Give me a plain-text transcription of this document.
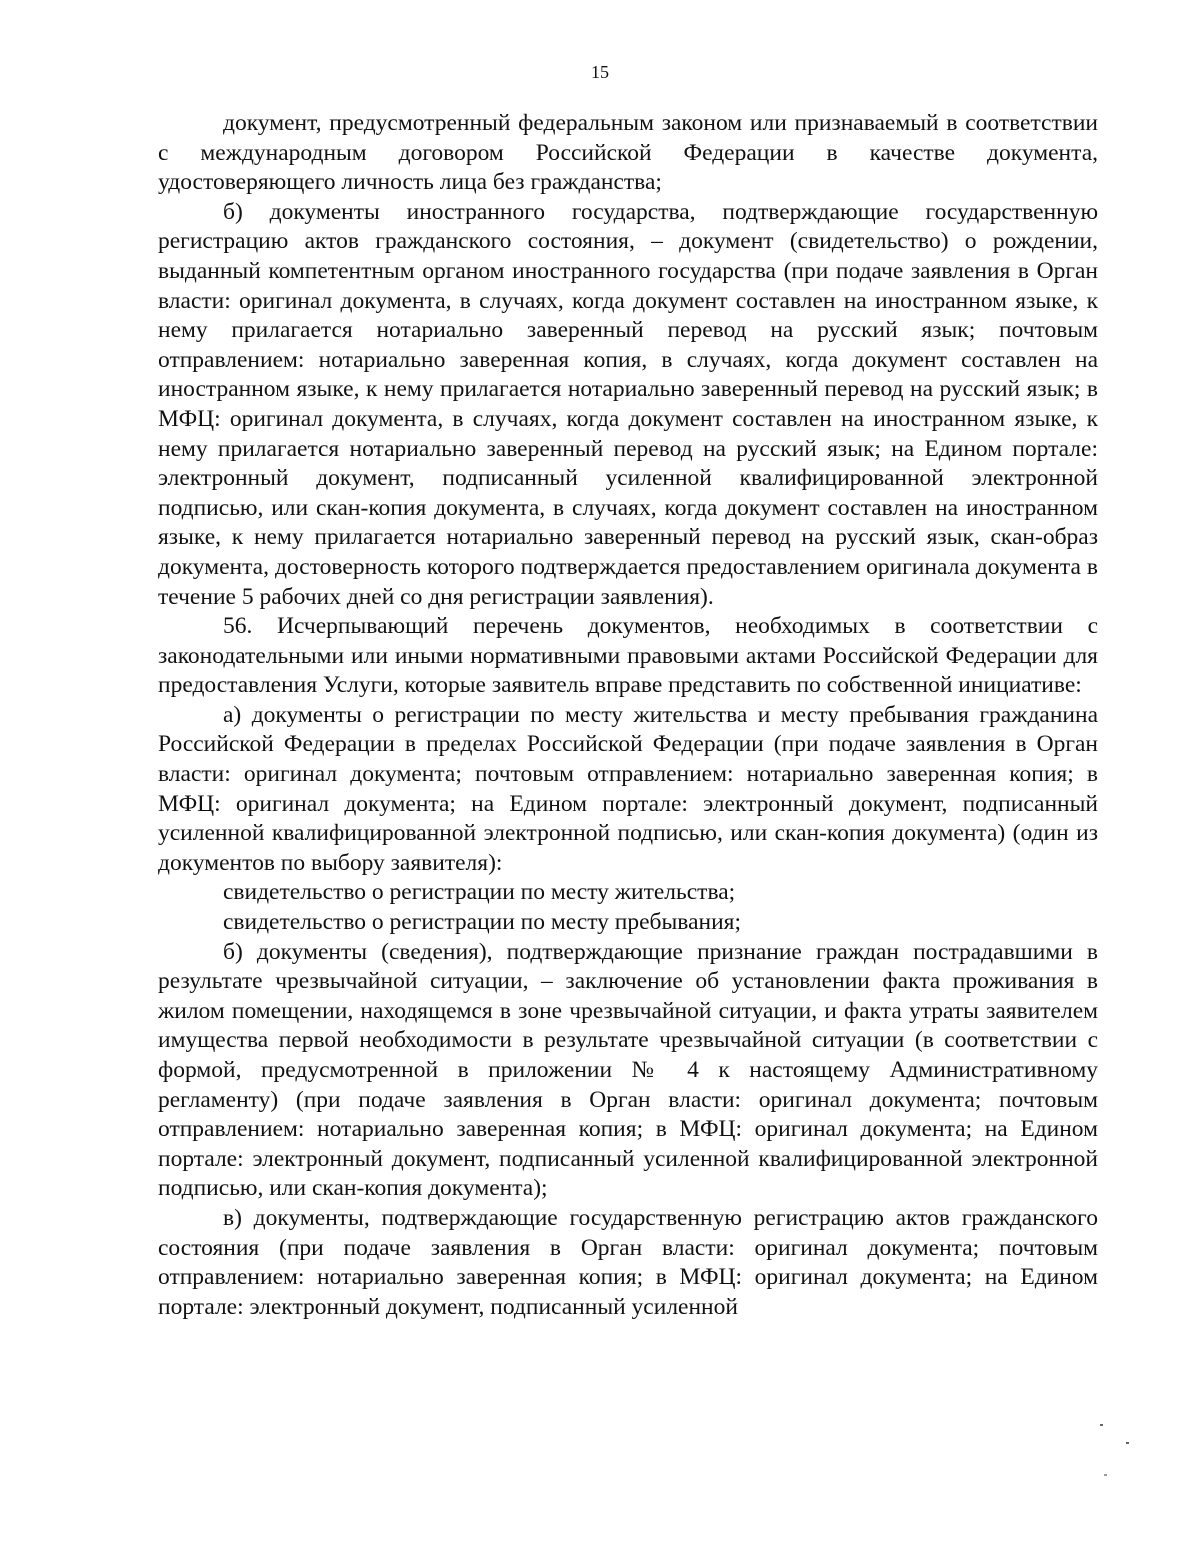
15

документ, предусмотренный федеральным законом или признаваемый в соответствии с международным договором Российской Федерации в качестве документа, удостоверяющего личность лица без гражданства;

б) документы иностранного государства, подтверждающие государственную регистрацию актов гражданского состояния, – документ (свидетельство) о рождении, выданный компетентным органом иностранного государства (при подаче заявления в Орган власти: оригинал документа, в случаях, когда документ составлен на иностранном языке, к нему прилагается нотариально заверенный перевод на русский язык; почтовым отправлением: нотариально заверенная копия, в случаях, когда документ составлен на иностранном языке, к нему прилагается нотариально заверенный перевод на русский язык; в МФЦ: оригинал документа, в случаях, когда документ составлен на иностранном языке, к нему прилагается нотариально заверенный перевод на русский язык; на Едином портале: электронный документ, подписанный усиленной квалифицированной электронной подписью, или скан-копия документа, в случаях, когда документ составлен на иностранном языке, к нему прилагается нотариально заверенный перевод на русский язык, скан-образ документа, достоверность которого подтверждается предоставлением оригинала документа в течение 5 рабочих дней со дня регистрации заявления).

56. Исчерпывающий перечень документов, необходимых в соответствии с законодательными или иными нормативными правовыми актами Российской Федерации для предоставления Услуги, которые заявитель вправе представить по собственной инициативе:

а) документы о регистрации по месту жительства и месту пребывания гражданина Российской Федерации в пределах Российской Федерации (при подаче заявления в Орган власти: оригинал документа; почтовым отправлением: нотариально заверенная копия; в МФЦ: оригинал документа; на Едином портале: электронный документ, подписанный усиленной квалифицированной электронной подписью, или скан-копия документа) (один из документов по выбору заявителя):

свидетельство о регистрации по месту жительства;

свидетельство о регистрации по месту пребывания;

б) документы (сведения), подтверждающие признание граждан пострадавшими в результате чрезвычайной ситуации, – заключение об установлении факта проживания в жилом помещении, находящемся в зоне чрезвычайной ситуации, и факта утраты заявителем имущества первой необходимости в результате чрезвычайной ситуации (в соответствии с формой, предусмотренной в приложении № 4 к настоящему Административному регламенту) (при подаче заявления в Орган власти: оригинал документа; почтовым отправлением: нотариально заверенная копия; в МФЦ: оригинал документа; на Едином портале: электронный документ, подписанный усиленной квалифицированной электронной подписью, или скан-копия документа);

в) документы, подтверждающие государственную регистрацию актов гражданского состояния (при подаче заявления в Орган власти: оригинал документа; почтовым отправлением: нотариально заверенная копия; в МФЦ: оригинал документа; на Едином портале: электронный документ, подписанный усиленной
